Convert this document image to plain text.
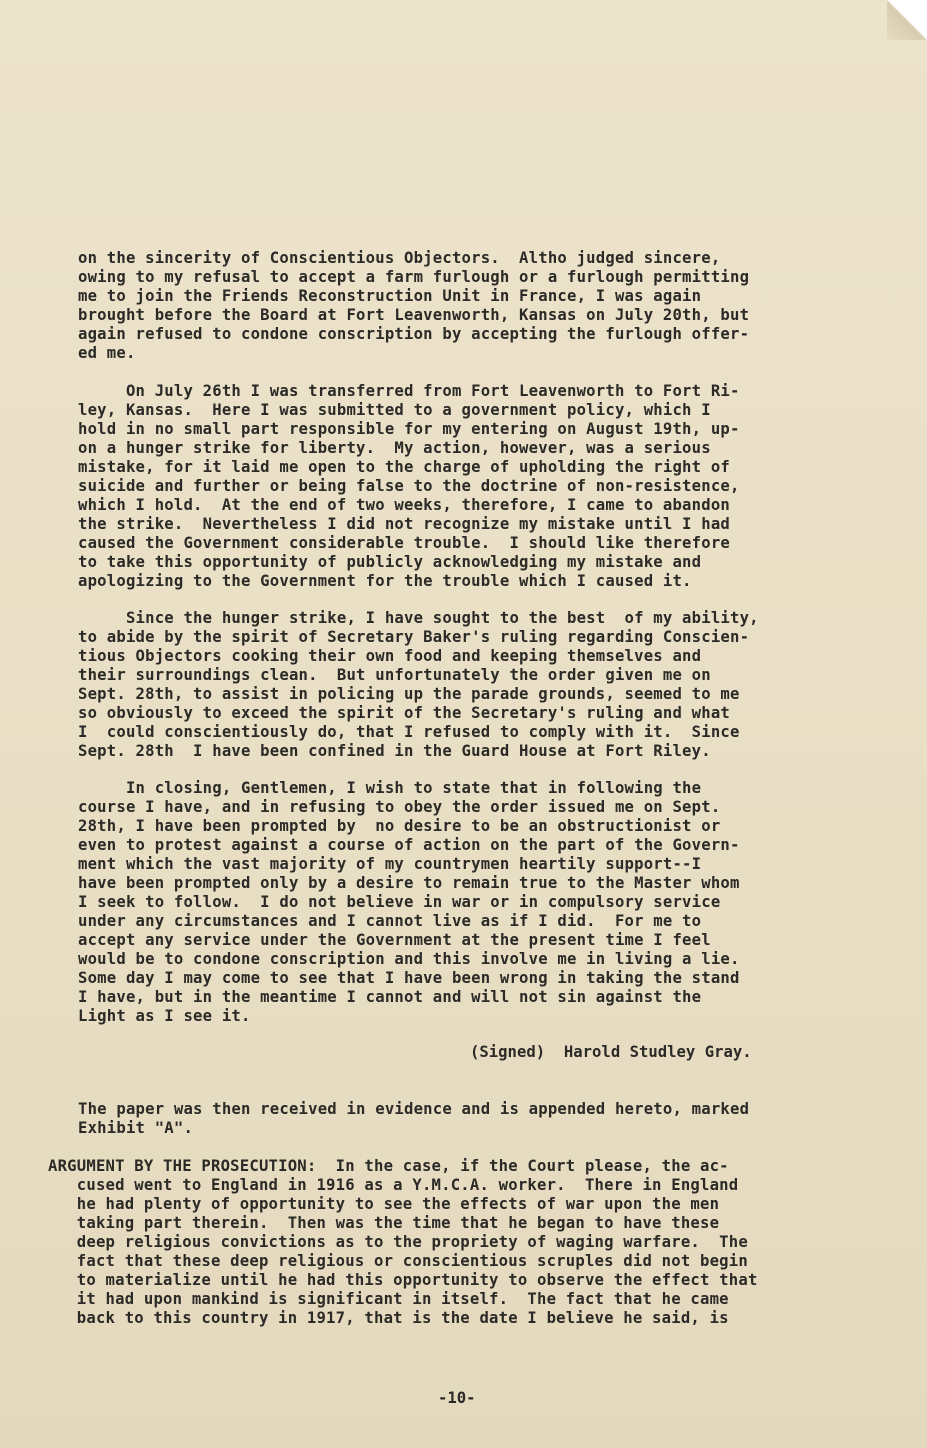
on the sincerity of Conscientious Objectors.  Altho judged sincere,
owing to my refusal to accept a farm furlough or a furlough permitting
me to join the Friends Reconstruction Unit in France, I was again
brought before the Board at Fort Leavenworth, Kansas on July 20th, but
again refused to condone conscription by accepting the furlough offer-
ed me.
On July 26th I was transferred from Fort Leavenworth to Fort Ri-
ley, Kansas.  Here I was submitted to a government policy, which I
hold in no small part responsible for my entering on August 19th, up-
on a hunger strike for liberty.  My action, however, was a serious
mistake, for it laid me open to the charge of upholding the right of
suicide and further or being false to the doctrine of non-resistence,
which I hold.  At the end of two weeks, therefore, I came to abandon
the strike.  Nevertheless I did not recognize my mistake until I had
caused the Government considerable trouble.  I should like therefore
to take this opportunity of publicly acknowledging my mistake and
apologizing to the Government for the trouble which I caused it.
Since the hunger strike, I have sought to the best  of my ability,
to abide by the spirit of Secretary Baker's ruling regarding Conscien-
tious Objectors cooking their own food and keeping themselves and
their surroundings clean.  But unfortunately the order given me on
Sept. 28th, to assist in policing up the parade grounds, seemed to me
so obviously to exceed the spirit of the Secretary's ruling and what
I  could conscientiously do, that I refused to comply with it.  Since
Sept. 28th  I have been confined in the Guard House at Fort Riley.
In closing, Gentlemen, I wish to state that in following the
course I have, and in refusing to obey the order issued me on Sept.
28th, I have been prompted by  no desire to be an obstructionist or
even to protest against a course of action on the part of the Govern-
ment which the vast majority of my countrymen heartily support--I
have been prompted only by a desire to remain true to the Master whom
I seek to follow.  I do not believe in war or in compulsory service
under any circumstances and I cannot live as if I did.  For me to
accept any service under the Government at the present time I feel
would be to condone conscription and this involve me in living a lie.
Some day I may come to see that I have been wrong in taking the stand
I have, but in the meantime I cannot and will not sin against the
Light as I see it.
(Signed)  Harold Studley Gray.
The paper was then received in evidence and is appended hereto, marked
Exhibit "A".
ARGUMENT BY THE PROSECUTION:  In the case, if the Court please, the ac-
cused went to England in 1916 as a Y.M.C.A. worker.  There in England
he had plenty of opportunity to see the effects of war upon the men
taking part therein.  Then was the time that he began to have these
deep religious convictions as to the propriety of waging warfare.  The
fact that these deep religious or conscientious scruples did not begin
to materialize until he had this opportunity to observe the effect that
it had upon mankind is significant in itself.  The fact that he came
back to this country in 1917, that is the date I believe he said, is
-10-
